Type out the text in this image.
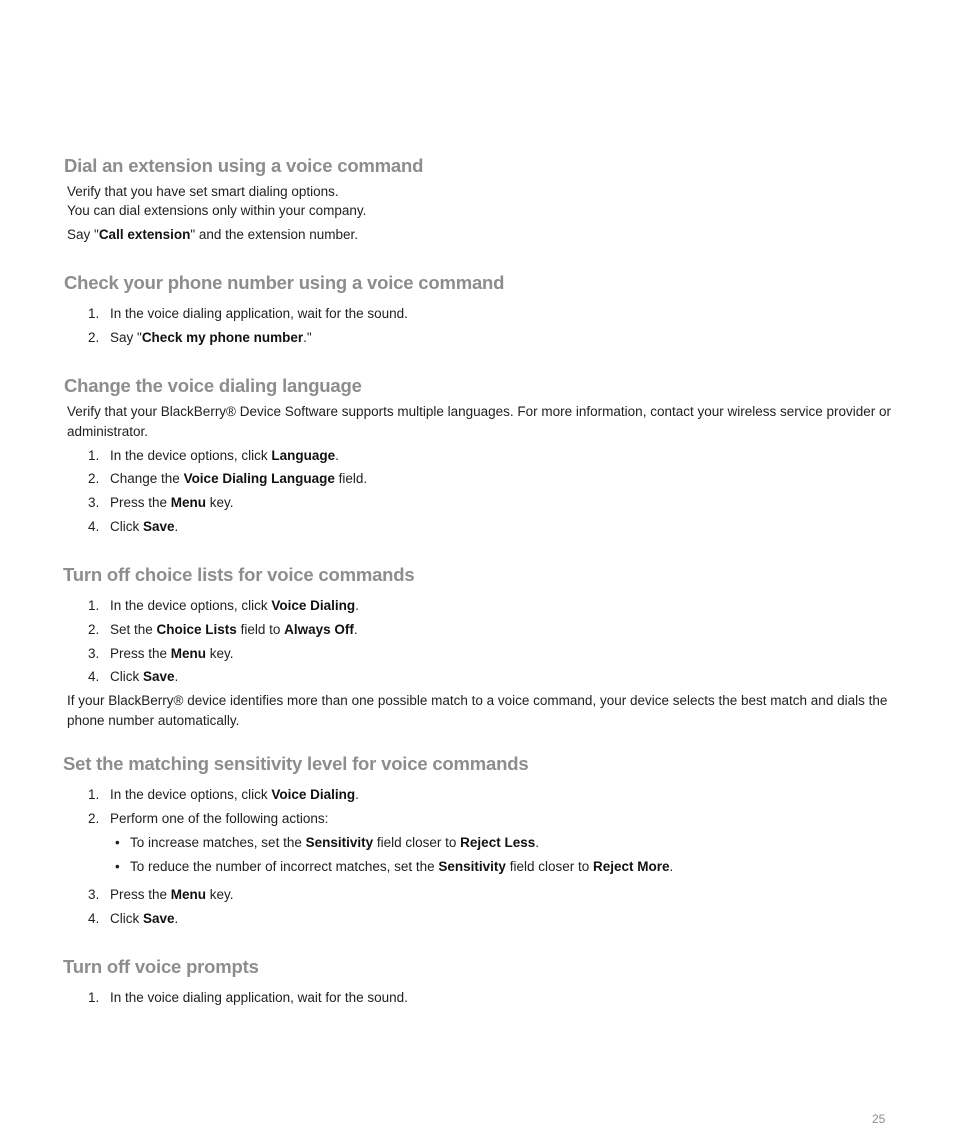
Dial an extension using a voice command

Verify that you have set smart dialing options.

You can dial extensions only within your company.

Say "Call extension" and the extension number.

Check your phone number using a voice command
1. In the voice dialing application, wait for the sound.
2. Say "Check my phone number."
Change the voice dialing language

Verify that your BlackBerry® Device Software supports multiple languages. For more information, contact your wireless service provider or administrator.

1. In the device options, click Language.
2. Change the Voice Dialing Language field.
3. Press the Menu key.
4. Click Save.
Turn off choice lists for voice commands
1. In the device options, click Voice Dialing.
2. Set the Choice Lists field to Always Off.
3. Press the Menu key.
4. Click Save.

If your BlackBerry® device identifies more than one possible match to a voice command, your device selects the best match and dials the phone number automatically.

Set the matching sensitivity level for voice commands
1. In the device options, click Voice Dialing.
2. Perform one of the following actions:
• To increase matches, set the Sensitivity field closer to Reject Less.
• To reduce the number of incorrect matches, set the Sensitivity field closer to Reject More.
3. Press the Menu key.
4. Click Save.
Turn off voice prompts
1. In the voice dialing application, wait for the sound.
25
